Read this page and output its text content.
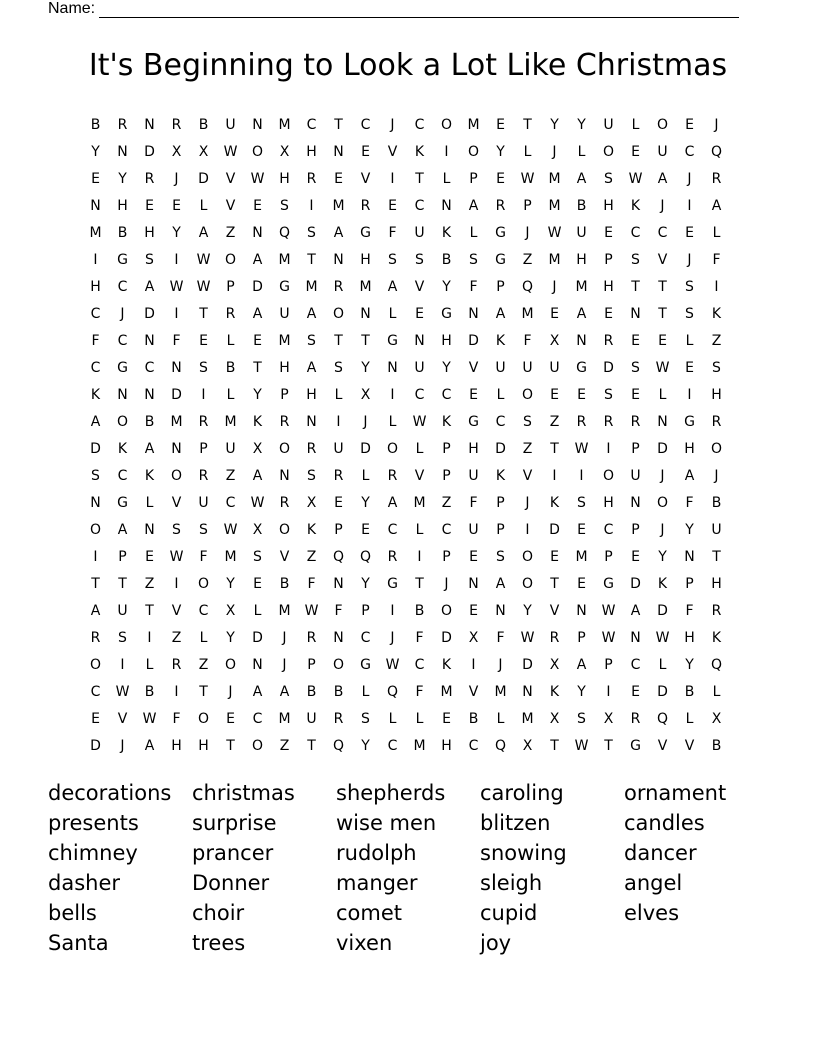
Name:
It's Beginning to Look a Lot Like Christmas
B	R	N	R	B	U	N	M	C	T	C	J	C	O	M	E	T	Y	Y	U	L	O	E	J
Y	N	D	X	X	W	O	X	H	N	E	V	K	I	O	Y	L	J	L	O	E	U	C	Q
E	Y	R	J	D	V	W	H	R	E	V	I	T	L	P	E	W	M	A	S	W	A	J	R
N	H	E	E	L	V	E	S	I	M	R	E	C	N	A	R	P	M	B	H	K	J	I	A
M	B	H	Y	A	Z	N	Q	S	A	G	F	U	K	L	G	J	W	U	E	C	C	E	L
I	G	S	I	W	O	A	M	T	N	H	S	S	B	S	G	Z	M	H	P	S	V	J	F
H	C	A	W W	P	D	G	M	R	M	A	V	Y	F	P	Q	J	M	H	T	T	S	I
C	J	D	I	T	R	A	U	A	O	N	L	E	G	N	A	M	E	A	E	N	T	S	K
F	C	N	F	E	L	E	M	S	T	T	G	N	H	D	K	F	X	N	R	E	E	L	Z
C	G	C	N	S	B	T	H	A	S	Y	N	U	Y	V	U	U	U	G	D	S	W	E	S
K	N	N	D	I	L	Y	P	H	L	X	I	C	C	E	L	O	E	E	S	E	L	I	H
A	O	B	M	R	M	K	R	N	I	J	L	W	K	G	C	S	Z	R	R	R	N	G	R
D	K	A	N	P	U	X	O	R	U	D	O	L	P	H	D	Z	T	W	I	P	D	H	O
S	C	K	O	R	Z	A	N	S	R	L	R	V	P	U	K	V	I	I	O	U	J	A	J
N	G	L	V	U	C	W	R	X	E	Y	A	M	Z	F	P	J	K	S	H	N	O	F	B
O	A	N	S	S	W	X	O	K	P	E	C	L	C	U	P	I	D	E	C	P	J	Y	U
I	P	E	W	F	M	S	V	Z	Q	Q	R	I	P	E	S	O	E	M	P	E	Y	N	T
T	T	Z	I	O	Y	E	B	F	N	Y	G	T	J	N	A	O	T	E	G	D	K	P	H
A	U	T	V	C	X	L	M	W	F	P	I	B	O	E	N	Y	V	N	W	A	D	F	R
R	S	I	Z	L	Y	D	J	R	N	C	J	F	D	X	F	W	R	P	W	N	W	H	K
O	I	L	R	Z	O	N	J	P	O	G	W	C	K	I	J	D	X	A	P	C	L	Y	Q
C	W	B	I	T	J	A	A	B	B	L	Q	F	M	V	M	N	K	Y	I	E	D	B	L
E	V	W	F	O	E	C	M	U	R	S	L	L	E	B	L	M	X	S	X	R	Q	L	X
D	J	A	H	H	T	O	Z	T	Q	Y	C	M	H	C	Q	X	T	W	T	G	V	V	B
decorations
presents
chimney
dasher
bells
Santa
christmas
surprise
prancer
Donner
choir
trees
shepherds
wise men
rudolph
manger
comet
vixen
caroling
blitzen
snowing
sleigh
cupid
joy
ornament
candles
dancer
angel
elves
